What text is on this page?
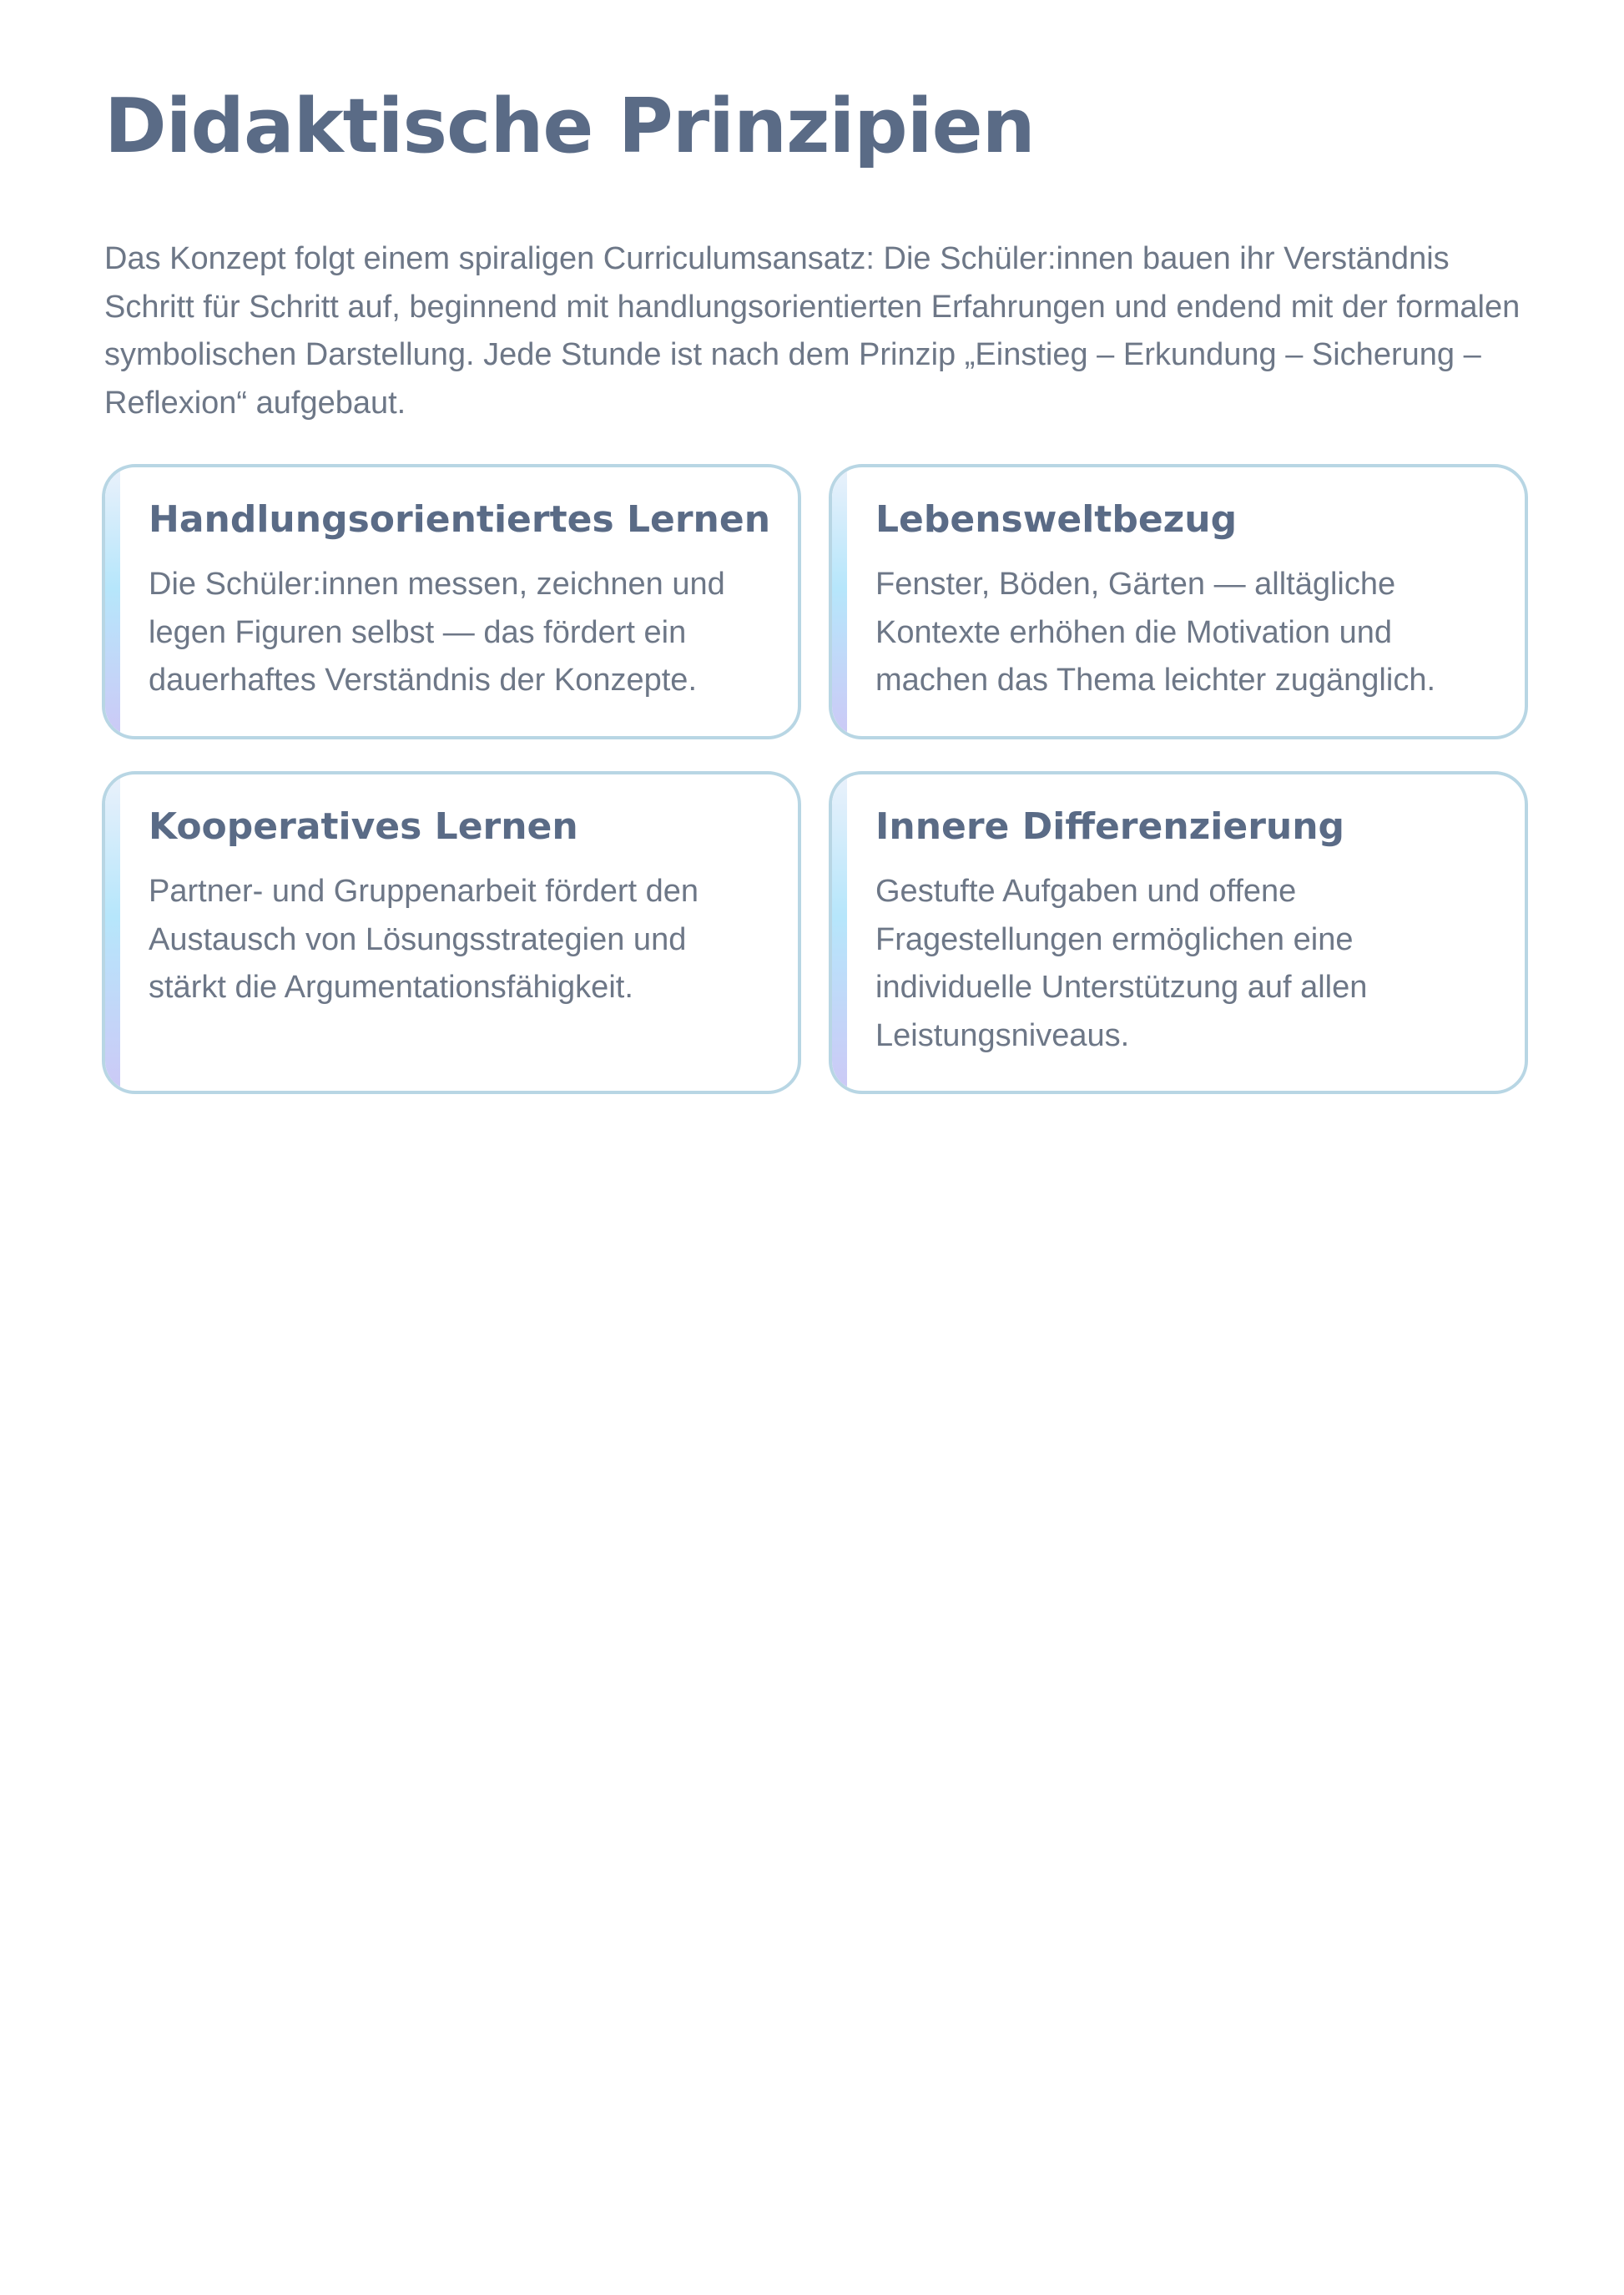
Didaktische Prinzipien

Das Konzept folgt einem spiraligen Curriculumsansatz: Die Schüler:innen bauen ihr Verständnis Schritt für Schritt auf, beginnend mit handlungsorientierten Erfahrungen und endend mit der formalen symbolischen Darstellung. Jede Stunde ist nach dem Prinzip „Einstieg – Erkundung – Sicherung – Reflexion“ aufgebaut.

Handlungsorientiertes Lernen

Die Schüler:innen messen, zeichnen und legen Figuren selbst — das fördert ein dauerhaftes Verständnis der Konzepte.

Lebensweltbezug

Fenster, Böden, Gärten — alltägliche Kontexte erhöhen die Motivation und machen das Thema leichter zugänglich.

Kooperatives Lernen

Partner- und Gruppenarbeit fördert den Austausch von Lösungsstrategien und stärkt die Argumentationsfähigkeit.

Innere Differenzierung

Gestufte Aufgaben und offene Fragestellungen ermöglichen eine individuelle Unterstützung auf allen Leistungsniveaus.
